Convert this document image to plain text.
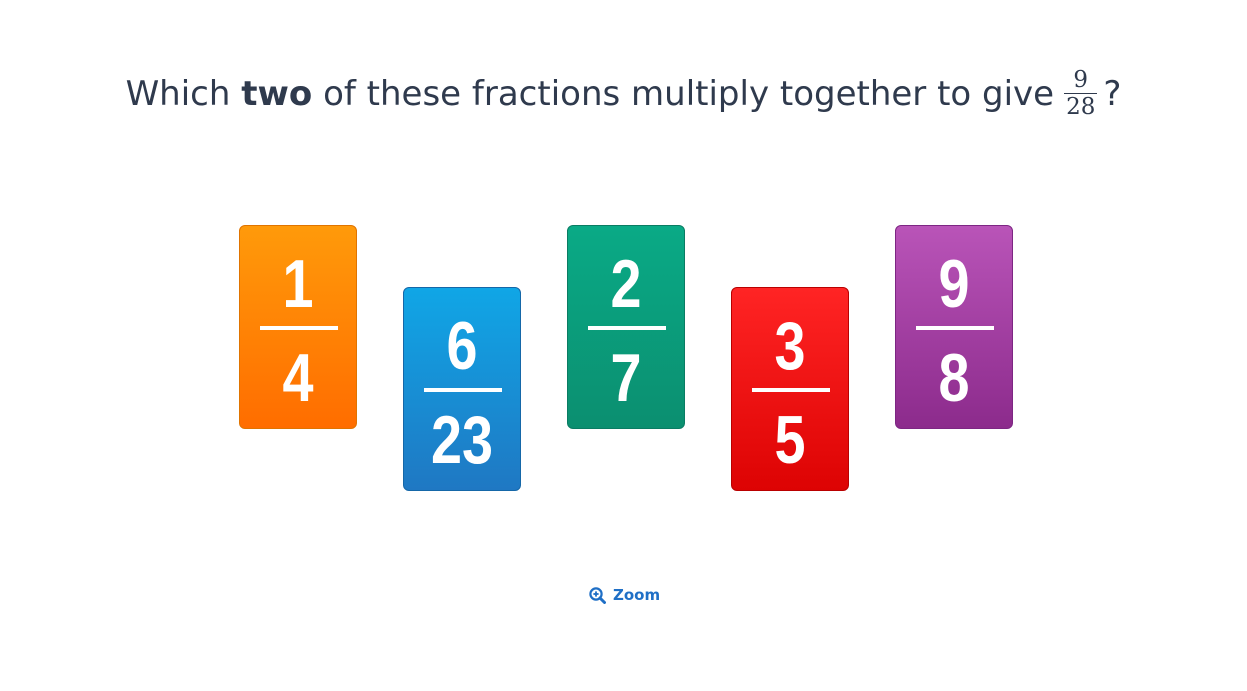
Which two of these fractions multiply together to give $\frac{9}{28}$ ?
1
4	6
23
2
7	3
5
9
8
Zoom
